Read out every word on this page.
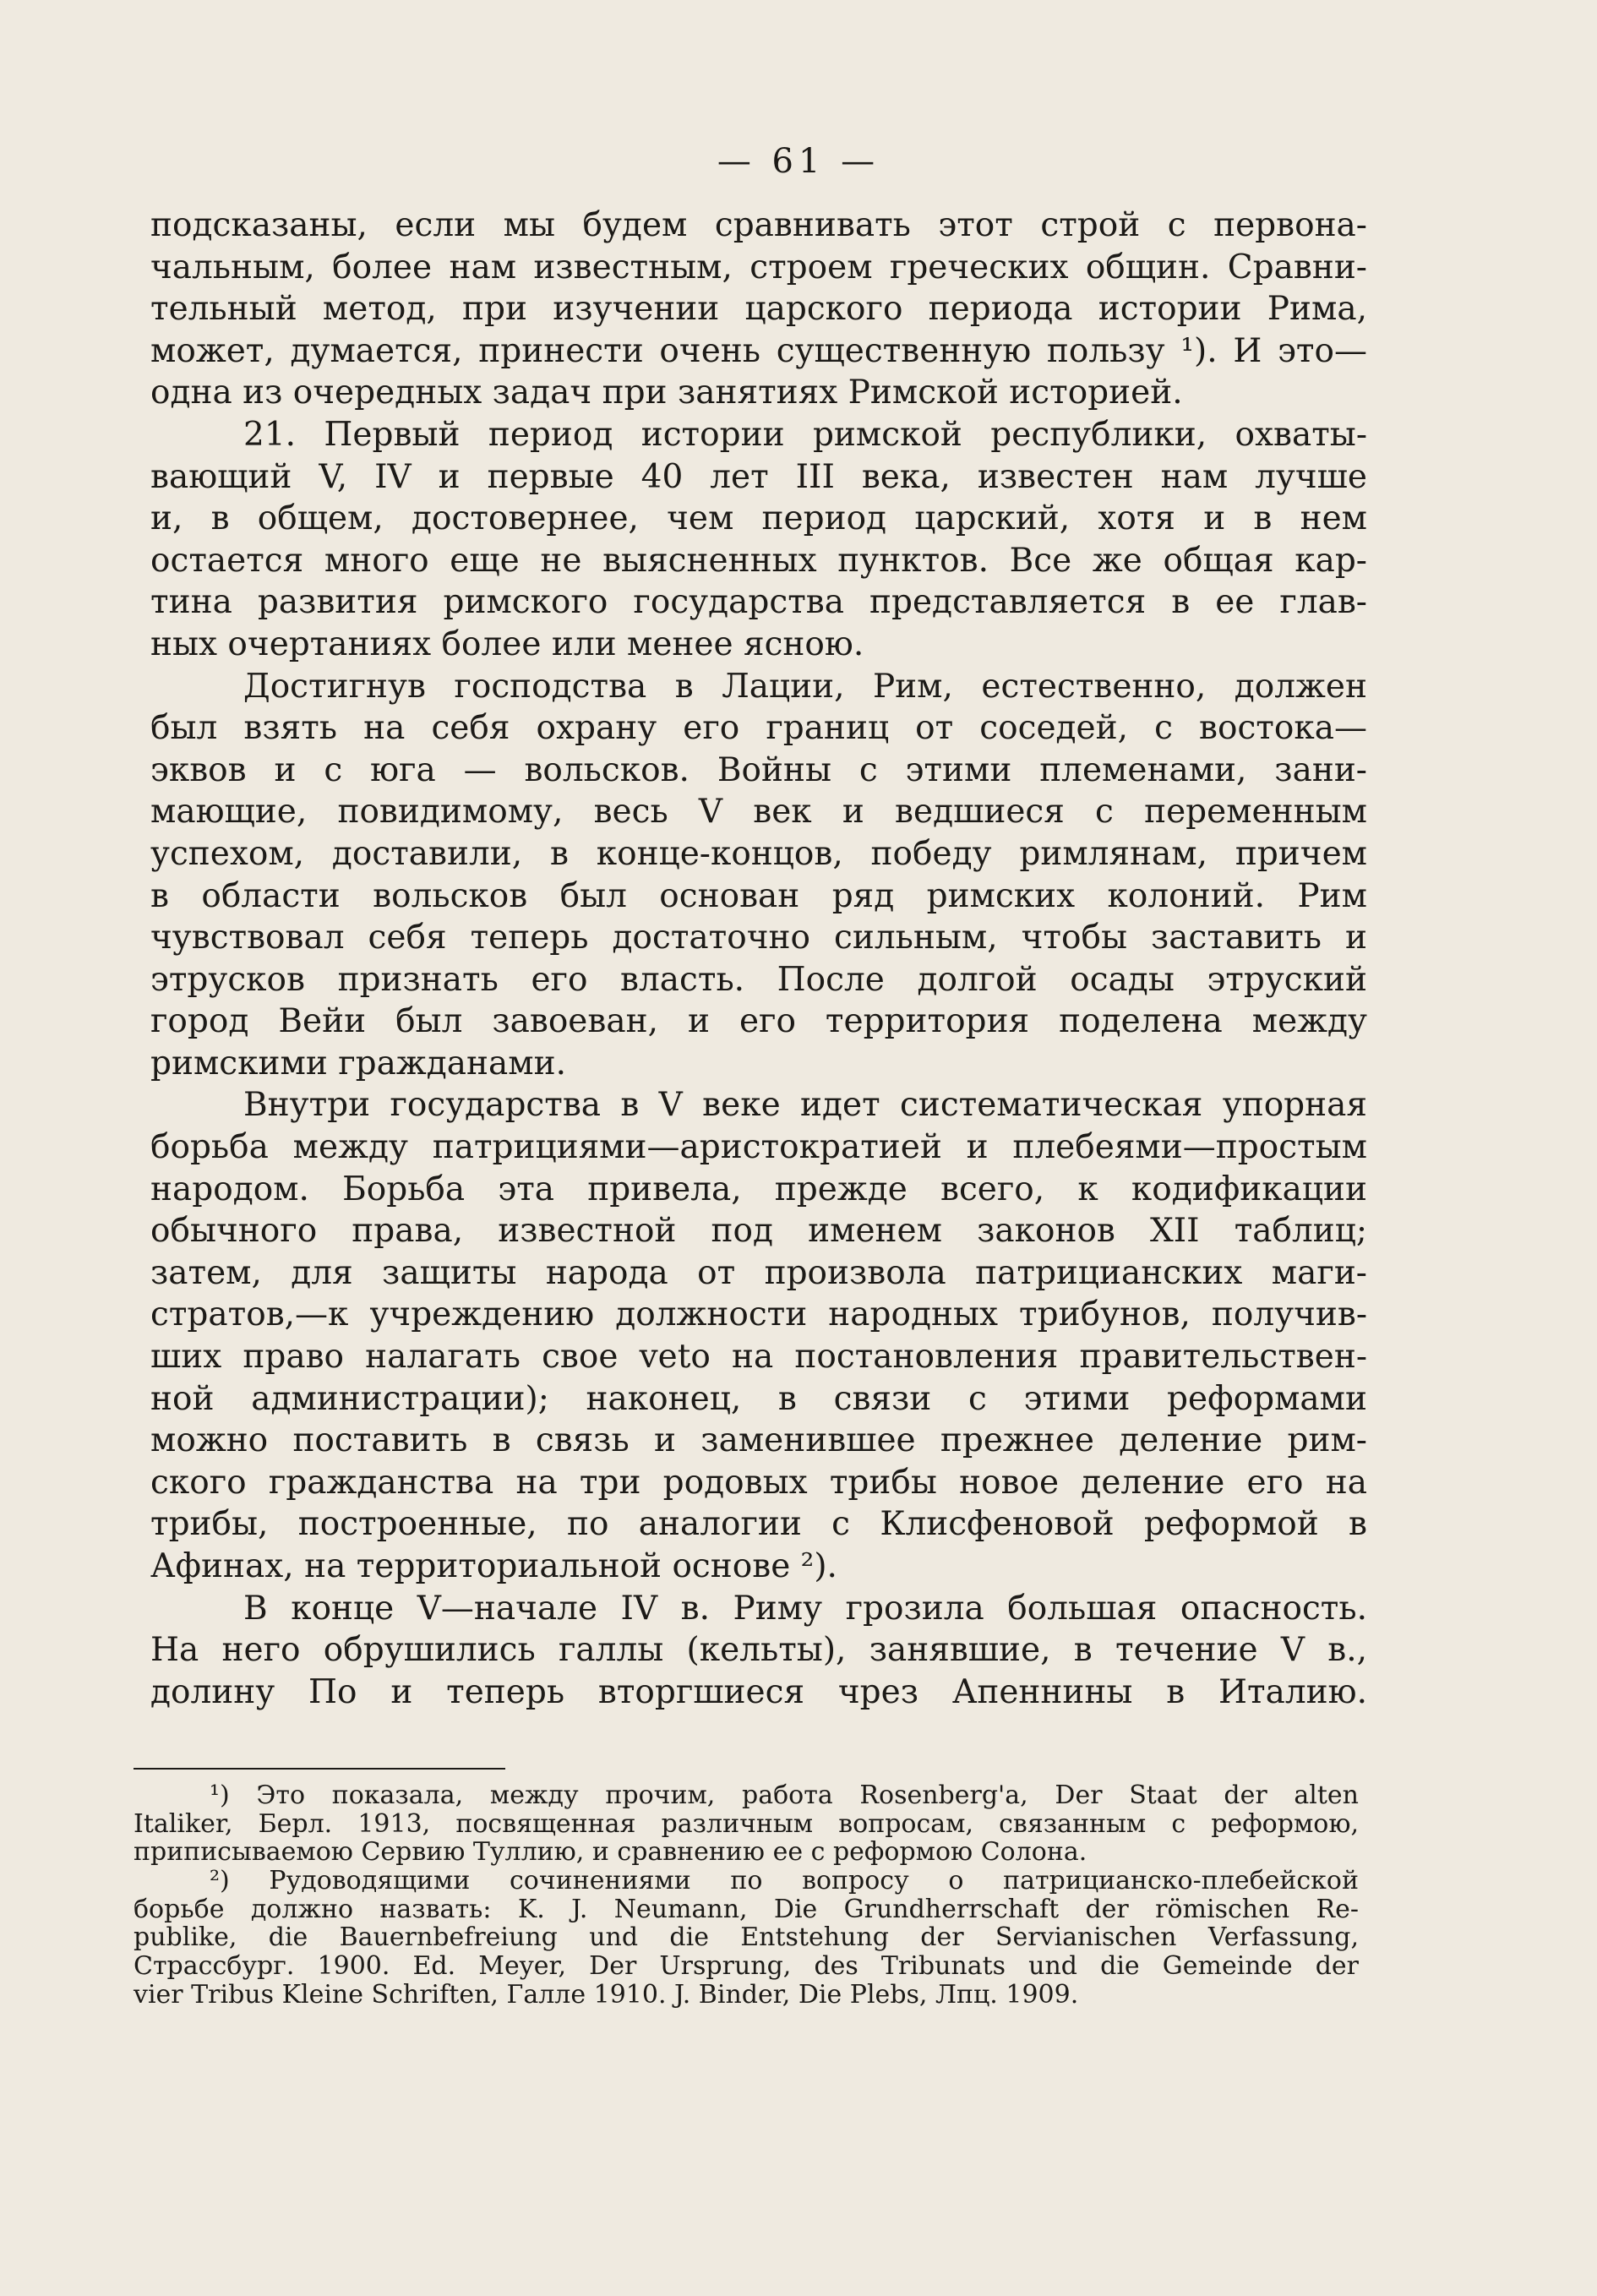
— 61 —
подсказаны, если мы будем сравнивать этот строй с первона-
чальным, более нам известным, строем греческих общин. Сравни-
тельный метод, при изучении царского периода истории Рима,
может, думается, принести очень существенную пользу ¹). И это—
одна из очередных задач при занятиях Римской историей.
21. Первый период истории римской республики, охваты-
вающий V, IV и первые 40 лет III века, известен нам лучше
и, в общем, достовернее, чем период царский, хотя и в нем
остается много еще не выясненных пунктов. Все же общая кар-
тина развития римского государства представляется в ее глав-
ных очертаниях более или менее ясною.
Достигнув господства в Лации, Рим, естественно, должен
был взять на себя охрану его границ от соседей, с востока—
эквов и с юга — вольсков. Войны с этими племенами, зани-
мающие, повидимому, весь V век и ведшиеся с переменным
успехом, доставили, в конце-концов, победу римлянам, причем
в области вольсков был основан ряд римских колоний. Рим
чувствовал себя теперь достаточно сильным, чтобы заставить и
этрусков признать его власть. После долгой осады этруский
город Вейи был завоеван, и его территория поделена между
римскими гражданами.
Внутри государства в V веке идет систематическая упорная
борьба между патрициями—аристократией и плебеями—простым
народом. Борьба эта привела, прежде всего, к кодификации
обычного права, известной под именем законов XII таблиц;
затем, для защиты народа от произвола патрицианских маги-
стратов,—к учреждению должности народных трибунов, получив-
ших право налагать свое veto на постановления правительствен-
ной администрации); наконец, в связи с этими реформами
можно поставить в связь и заменившее прежнее деление рим-
ского гражданства на три родовых трибы новое деление его на
трибы, построенные, по аналогии с Клисфеновой реформой в
Афинах, на территориальной основе ²).
В конце V—начале IV в. Риму грозила большая опасность.
На него обрушились галлы (кельты), занявшие, в течение V в.,
долину По и теперь вторгшиеся чрез Апеннины в Италию.
¹) Это показала, между прочим, работа Rosenberg'a, Der Staat der alten
Italiker, Берл. 1913, посвященная различным вопросам, связанным с реформою,
приписываемою Сервию Туллию, и сравнению ее с реформою Солона.
²) Рудоводящими сочинениями по вопросу о патрицианско-плебейской
борьбе должно назвать: K. J. Neumann, Die Grundherrschaft der römischen Re-
publike, die Bauernbefreiung und die Entstehung der Servianischen Verfassung,
Страссбург. 1900. Ed. Meyer, Der Ursprung, des Tribunats und die Gemeinde der
vier Tribus Kleine Schriften, Галле 1910. J. Binder, Die Plebs, Лпц. 1909.
